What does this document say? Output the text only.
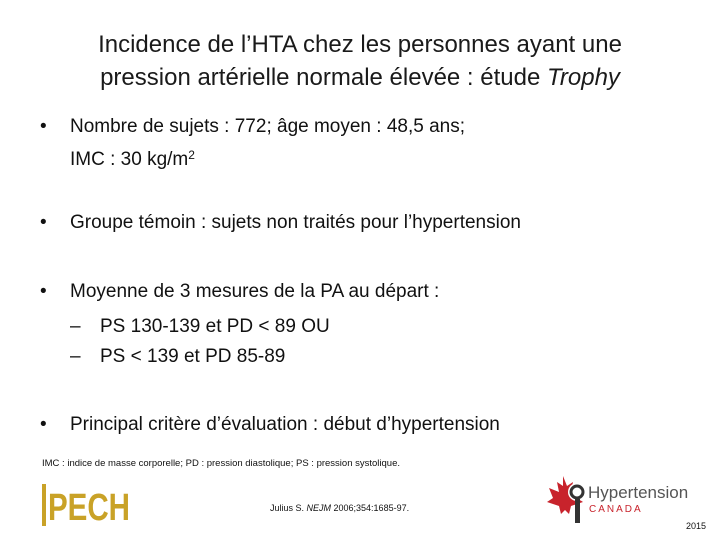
Incidence de l’HTA chez les personnes ayant une
pression artérielle normale élevée : étude Trophy
•	Nombre de sujets : 772; âge moyen : 48,5 ans;
IMC : 30 $kg/m^2$
•	Groupe témoin : sujets non traités pour l’hypertension
•	Moyenne de 3 mesures de la PA au départ :
–	PS 130-139 et PD < 89 OU
–	PS < 139 et PD 85-89
•	Principal critère d’évaluation : début d’hypertension
IMC : indice de masse corporelle; PD : pression diastolique; PS : pression systolique.
Julius S. NEJM 2006;354:1685-97.
2015
PECH	Hypertension
CANADA
